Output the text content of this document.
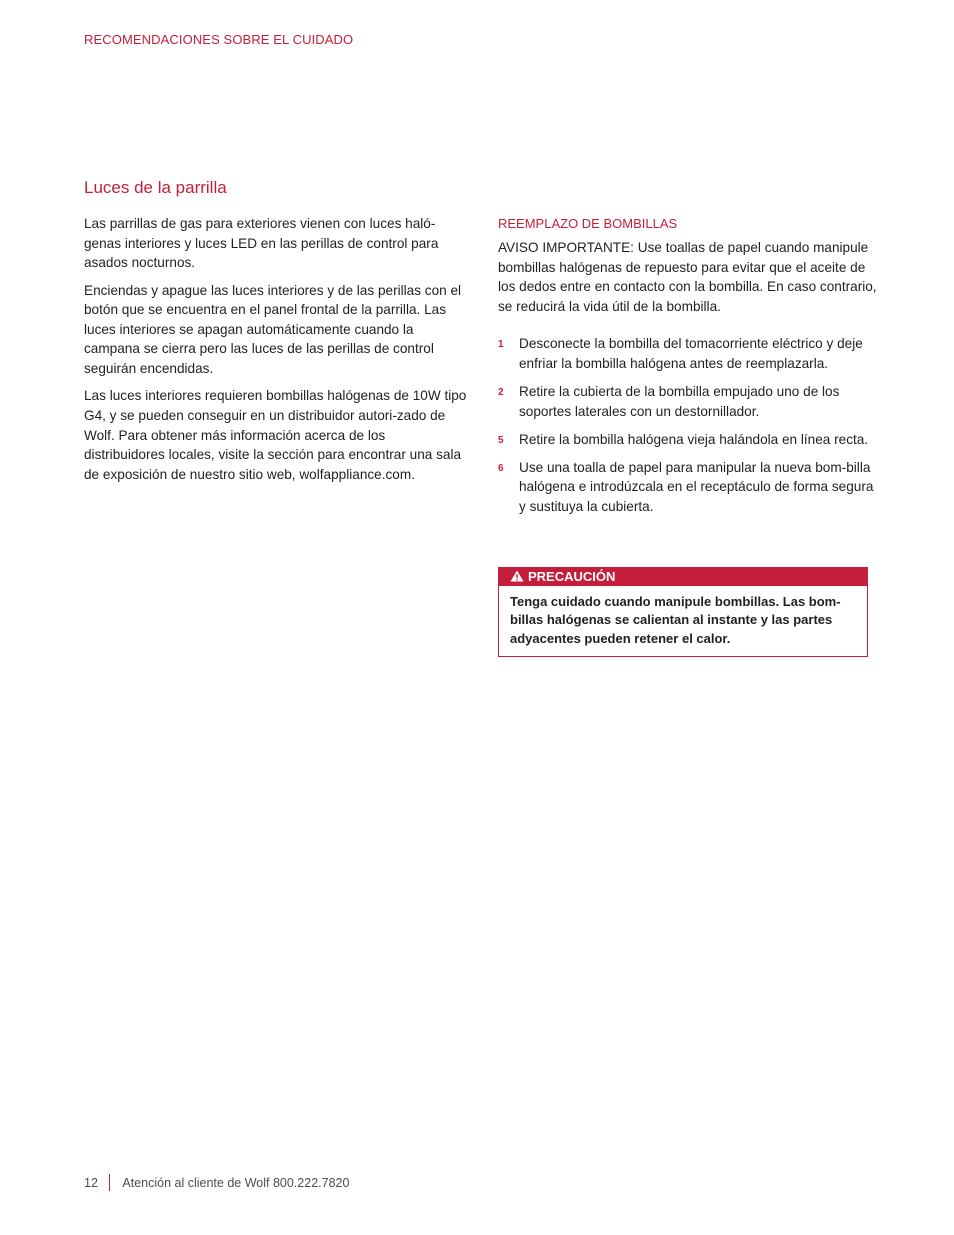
RECOMENDACIONES SOBRE EL CUIDADO
Luces de la parrilla

Las parrillas de gas para exteriores vienen con luces haló-genas interiores y luces LED en las perillas de control para asados nocturnos.

Enciendas y apague las luces interiores y de las perillas con el botón que se encuentra en el panel frontal de la parrilla. Las luces interiores se apagan automáticamente cuando la campana se cierra pero las luces de las perillas de control seguirán encendidas.

Las luces interiores requieren bombillas halógenas de 10W tipo G4, y se pueden conseguir en un distribuidor autori-zado de Wolf. Para obtener más información acerca de los distribuidores locales, visite la sección para encontrar una sala de exposición de nuestro sitio web, wolfappliance.com.

REEMPLAZO DE BOMBILLAS

AVISO IMPORTANTE: Use toallas de papel cuando manipule bombillas halógenas de repuesto para evitar que el aceite de los dedos entre en contacto con la bombilla. En caso contrario, se reducirá la vida útil de la bombilla.

1 Desconecte la bombilla del tomacorriente eléctrico y deje enfriar la bombilla halógena antes de reemplazarla.
2 Retire la cubierta de la bombilla empujado uno de los soportes laterales con un destornillador.
5 Retire la bombilla halógena vieja halándola en línea recta.
6 Use una toalla de papel para manipular la nueva bom-billa halógena e introdúzcala en el receptáculo de forma segura y sustituya la cubierta.
PRECAUCIÓN
Tenga cuidado cuando manipule bombillas. Las bom-billas halógenas se calientan al instante y las partes adyacentes pueden retener el calor.
12 Atención al cliente de Wolf 800.222.7820
